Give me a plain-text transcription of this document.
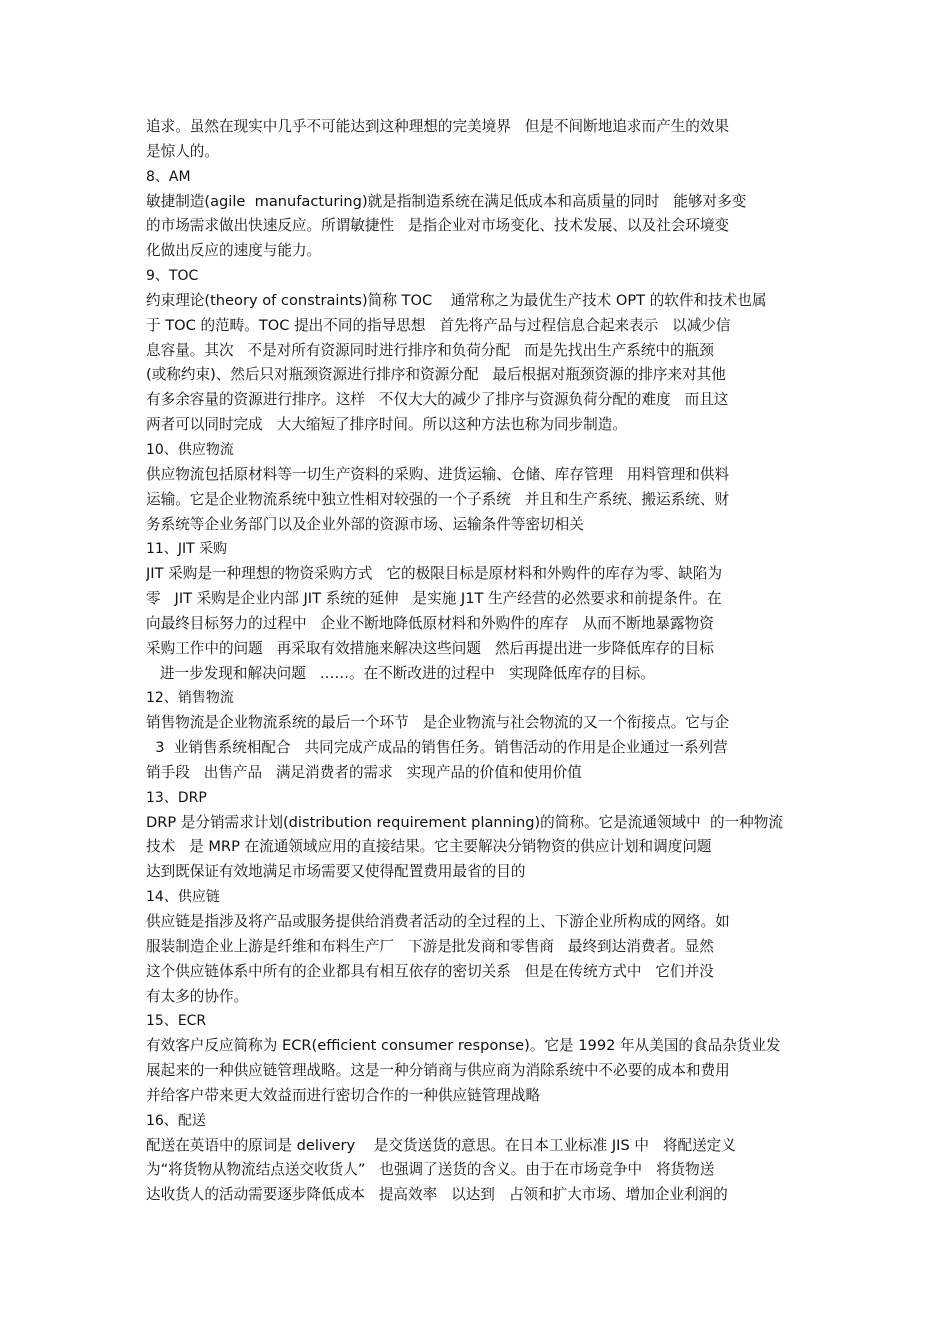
追求。虽然在现实中几乎不可能达到这种理想的完美境界   但是不间断地追求而产生的效果
是惊人的。
8、AM
敏捷制造(agile  manufacturing)就是指制造系统在满足低成本和高质量的同时   能够对多变
的市场需求做出快速反应。所谓敏捷性   是指企业对市场变化、技术发展、以及社会环境变
化做出反应的速度与能力。
9、TOC
约束理论(theory of constraints)简称 TOC    通常称之为最优生产技术 OPT 的软件和技术也属
于 TOC 的范畴。TOC 提出不同的指导思想   首先将产品与过程信息合起来表示   以减少信
息容量。其次   不是对所有资源同时进行排序和负荷分配   而是先找出生产系统中的瓶颈
(或称约束)、然后只对瓶颈资源进行排序和资源分配   最后根据对瓶颈资源的排序来对其他
有多余容量的资源进行排序。这样   不仅大大的减少了排序与资源负荷分配的难度   而且这
两者可以同时完成   大大缩短了排序时间。所以这种方法也称为同步制造。
10、供应物流
供应物流包括原材料等一切生产资料的采购、进货运输、仓储、库存管理   用料管理和供料
运输。它是企业物流系统中独立性相对较强的一个子系统   并且和生产系统、搬运系统、财
务系统等企业务部门以及企业外部的资源市场、运输条件等密切相关
11、JIT 采购
JIT 采购是一种理想的物资采购方式   它的极限目标是原材料和外购件的库存为零、缺陷为
零   JIT 采购是企业内部 JIT 系统的延伸   是实施 J1T 生产经营的必然要求和前提条件。在
向最终目标努力的过程中   企业不断地降低原材料和外购件的库存   从而不断地暴露物资
采购工作中的问题   再采取有效措施来解决这些问题   然后再提出进一步降低库存的目标
进一步发现和解决问题   ……。在不断改进的过程中   实现降低库存的目标。
12、销售物流
销售物流是企业物流系统的最后一个环节   是企业物流与社会物流的又一个衔接点。它与企
3  业销售系统相配合   共同完成产成品的销售任务。销售活动的作用是企业通过一系列营
销手段   出售产品   满足消费者的需求   实现产品的价值和使用价值
13、DRP
DRP 是分销需求计划(distribution requirement planning)的简称。它是流通领域中  的一种物流
技术   是 MRP 在流通领域应用的直接结果。它主要解决分销物资的供应计划和调度问题
达到既保证有效地满足市场需要又使得配置费用最省的目的
14、供应链
供应链是指涉及将产品或服务提供给消费者活动的全过程的上、下游企业所构成的网络。如
服装制造企业上游是纤维和布料生产厂   下游是批发商和零售商   最终到达消费者。显然
这个供应链体系中所有的企业都具有相互依存的密切关系   但是在传统方式中   它们并没
有太多的协作。
15、ECR
有效客户反应简称为 ECR(efficient consumer response)。它是 1992 年从美国的食品杂货业发
展起来的一种供应链管理战略。这是一种分销商与供应商为消除系统中不必要的成本和费用
并给客户带来更大效益而进行密切合作的一种供应链管理战略
16、配送
配送在英语中的原词是 delivery    是交货送货的意思。在日本工业标准 JIS 中   将配送定义
为“将货物从物流结点送交收货人”   也强调了送货的含义。由于在市场竞争中   将货物送
达收货人的活动需要逐步降低成本   提高效率   以达到   占领和扩大市场、增加企业利润的
